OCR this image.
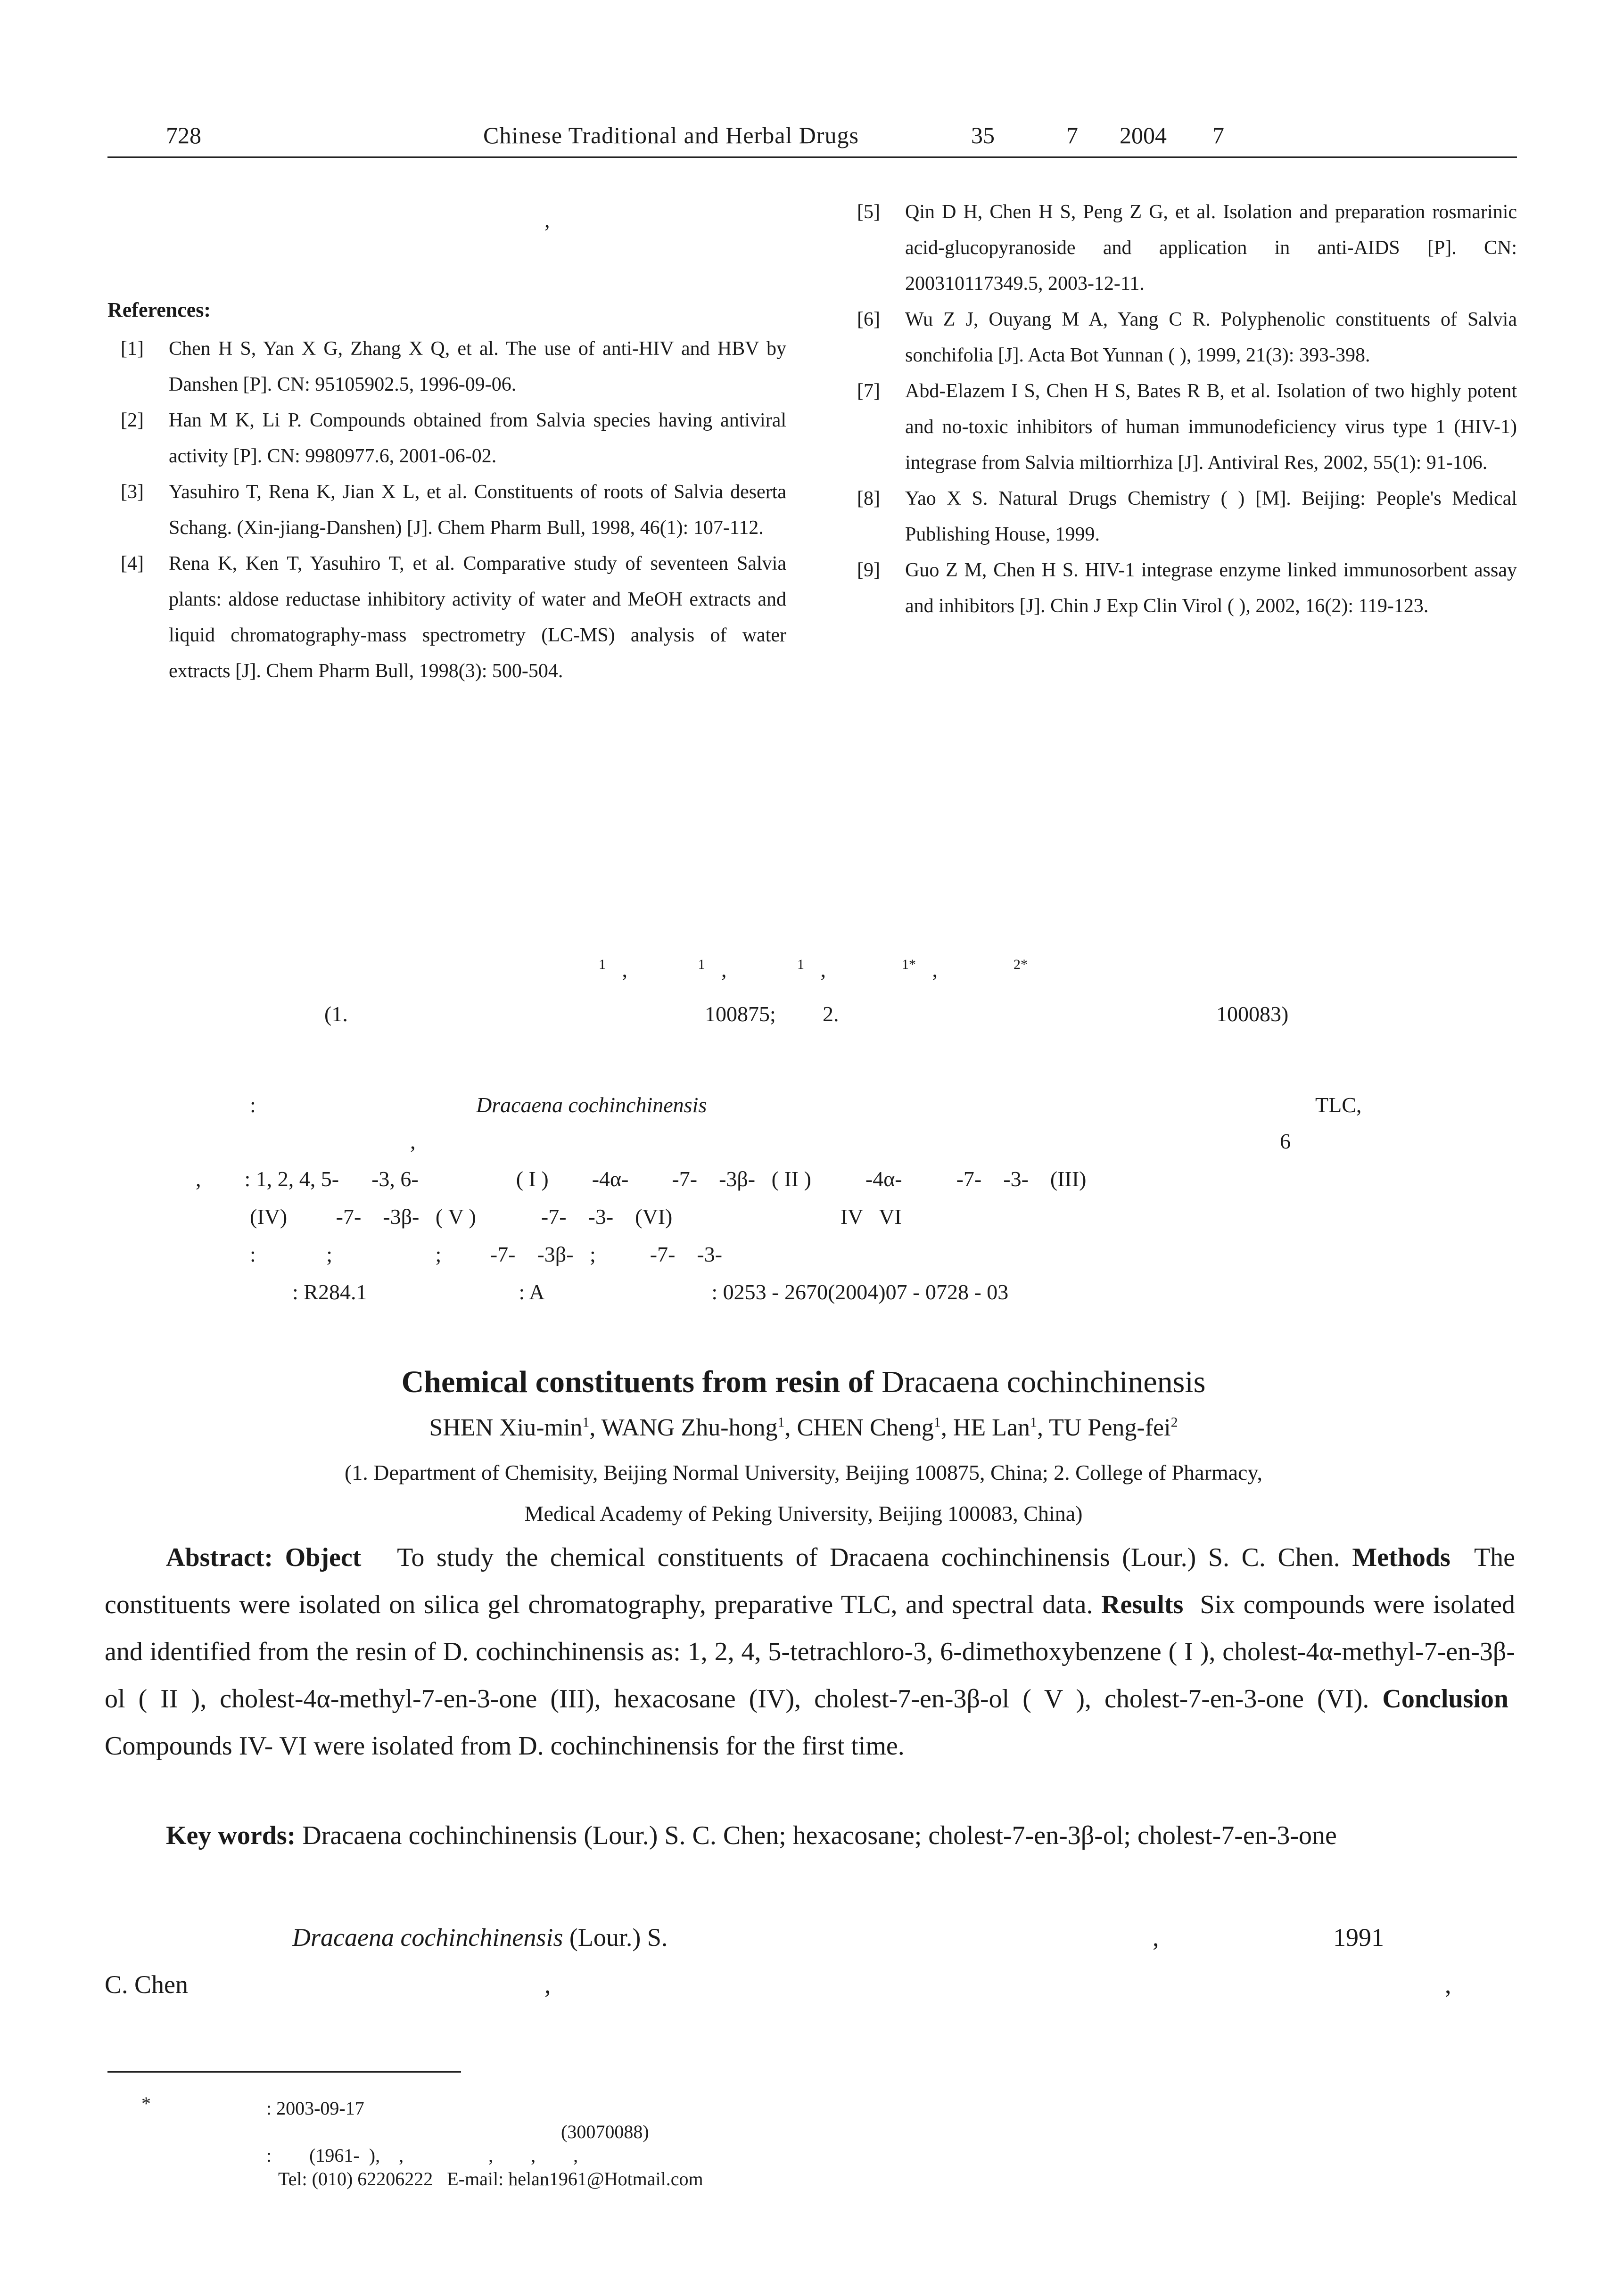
728	Chinese Traditional and Herbal Drugs	35	7 2004 7
,
References:
[1]	Chen H S, Yan X G, Zhang X Q, et al. The use of anti-HIV and HBV by Danshen [P]. CN: 95105902.5, 1996-09-06.
[2]	Han M K, Li P. Compounds obtained from Salvia species having antiviral activity [P]. CN: 9980977.6, 2001-06-02.
[3]	Yasuhiro T, Rena K, Jian X L, et al. Constituents of roots of Salvia deserta Schang. (Xin-jiang-Danshen) [J]. Chem Pharm Bull, 1998, 46(1): 107-112.
[4]	Rena K, Ken T, Yasuhiro T, et al. Comparative study of seventeen Salvia plants: aldose reductase inhibitory activity of water and MeOH extracts and liquid chromatography-mass spectrometry (LC-MS) analysis of water extracts [J]. Chem Pharm Bull, 1998(3): 500-504.
[5]	Qin D H, Chen H S, Peng Z G, et al. Isolation and preparation rosmarinic acid-glucopyranoside and application in anti-AIDS [P]. CN: 200310117349.5, 2003-12-11.
[6]	Wu Z J, Ouyang M A, Yang C R. Polyphenolic constituents of Salvia sonchifolia [J]. Acta Bot Yunnan ( ), 1999, 21(3): 393-398.
[7]	Abd-Elazem I S, Chen H S, Bates R B, et al. Isolation of two highly potent and no-toxic inhibitors of human immunodeficiency virus type 1 (HIV-1) integrase from Salvia miltiorrhiza [J]. Antiviral Res, 2002, 55(1): 91-106.
[8]	Yao X S. Natural Drugs Chemistry ( ) [M]. Beijing: People's Medical Publishing House, 1999.
[9]	Guo Z M, Chen H S. HIV-1 integrase enzyme linked immunosorbent assay and inhibitors [J]. Chin J Exp Clin Virol ( ), 2002, 16(2): 119-123.
$^1$ ,	$^1$ ,	$^1$ ,	$^{1*}$ ,	$^{2*}$
(1.	100875; 2.	100083)
:	Dracaena cochinchinensis	TLC,
,	6
,        : 1, 2, 4, 5-      -3, 6-                  ( I )        -4α-        -7-    -3β-   ( II )          -4α-          -7-    -3-    (III)
(IV)         -7-    -3β-   ( V )            -7-    -3-    (VI)                               IV   VI
:             ;                   ;         -7-    -3β-   ;          -7-    -3-
: R284.1                            : A                               : 0253 - 2670(2004)07 - 0728 - 03
Chemical constituents from resin of Dracaena cochinchinensis
SHEN Xiu-$\min^1$, WANG Zhu-hong$^1$, CHEN Cheng$^1$, HE Lan$^1$, TU Peng-fei$^2$
(1. Department of Chemisity, Beijing Normal University, Beijing 100875, China; 2. College of Pharmacy,
Medical Academy of Peking University, Beijing 100083, China)
Abstract: Object To study the chemical constituents of Dracaena cochinchinensis (Lour.) S. C. Chen. Methods The constituents were isolated on silica gel chromatography, preparative TLC, and spectral data. Results Six compounds were isolated and identified from the resin of D. cochinchinensis as: 1, 2, 4, 5-tetrachloro-3, 6-dimethoxybenzene ( I ), cholest-4α-methyl-7-en-3β-ol ( II ), cholest-4α-methyl-7-en-3-one (III), hexacosane (IV), cholest-7-en-3β-ol ( V ), cholest-7-en-3-one (VI). Conclusion  Compounds IV- VI were isolated from D. cochinchinensis for the first time.
Key words: Dracaena cochinchinensis (Lour.) S. C. Chen; hexacosane; cholest-7-en-3β-ol; cholest-7-en-3-one
Dracaena cochinchinensis (Lour.) S.	,	1991
C. Chen	,	,
*	: 2003-09-17
(30070088)
:        (1961-  ),    ,                  ,        ,        ,
Tel: (010) 62206222   E-mail: helan1961@Hotmail.com
